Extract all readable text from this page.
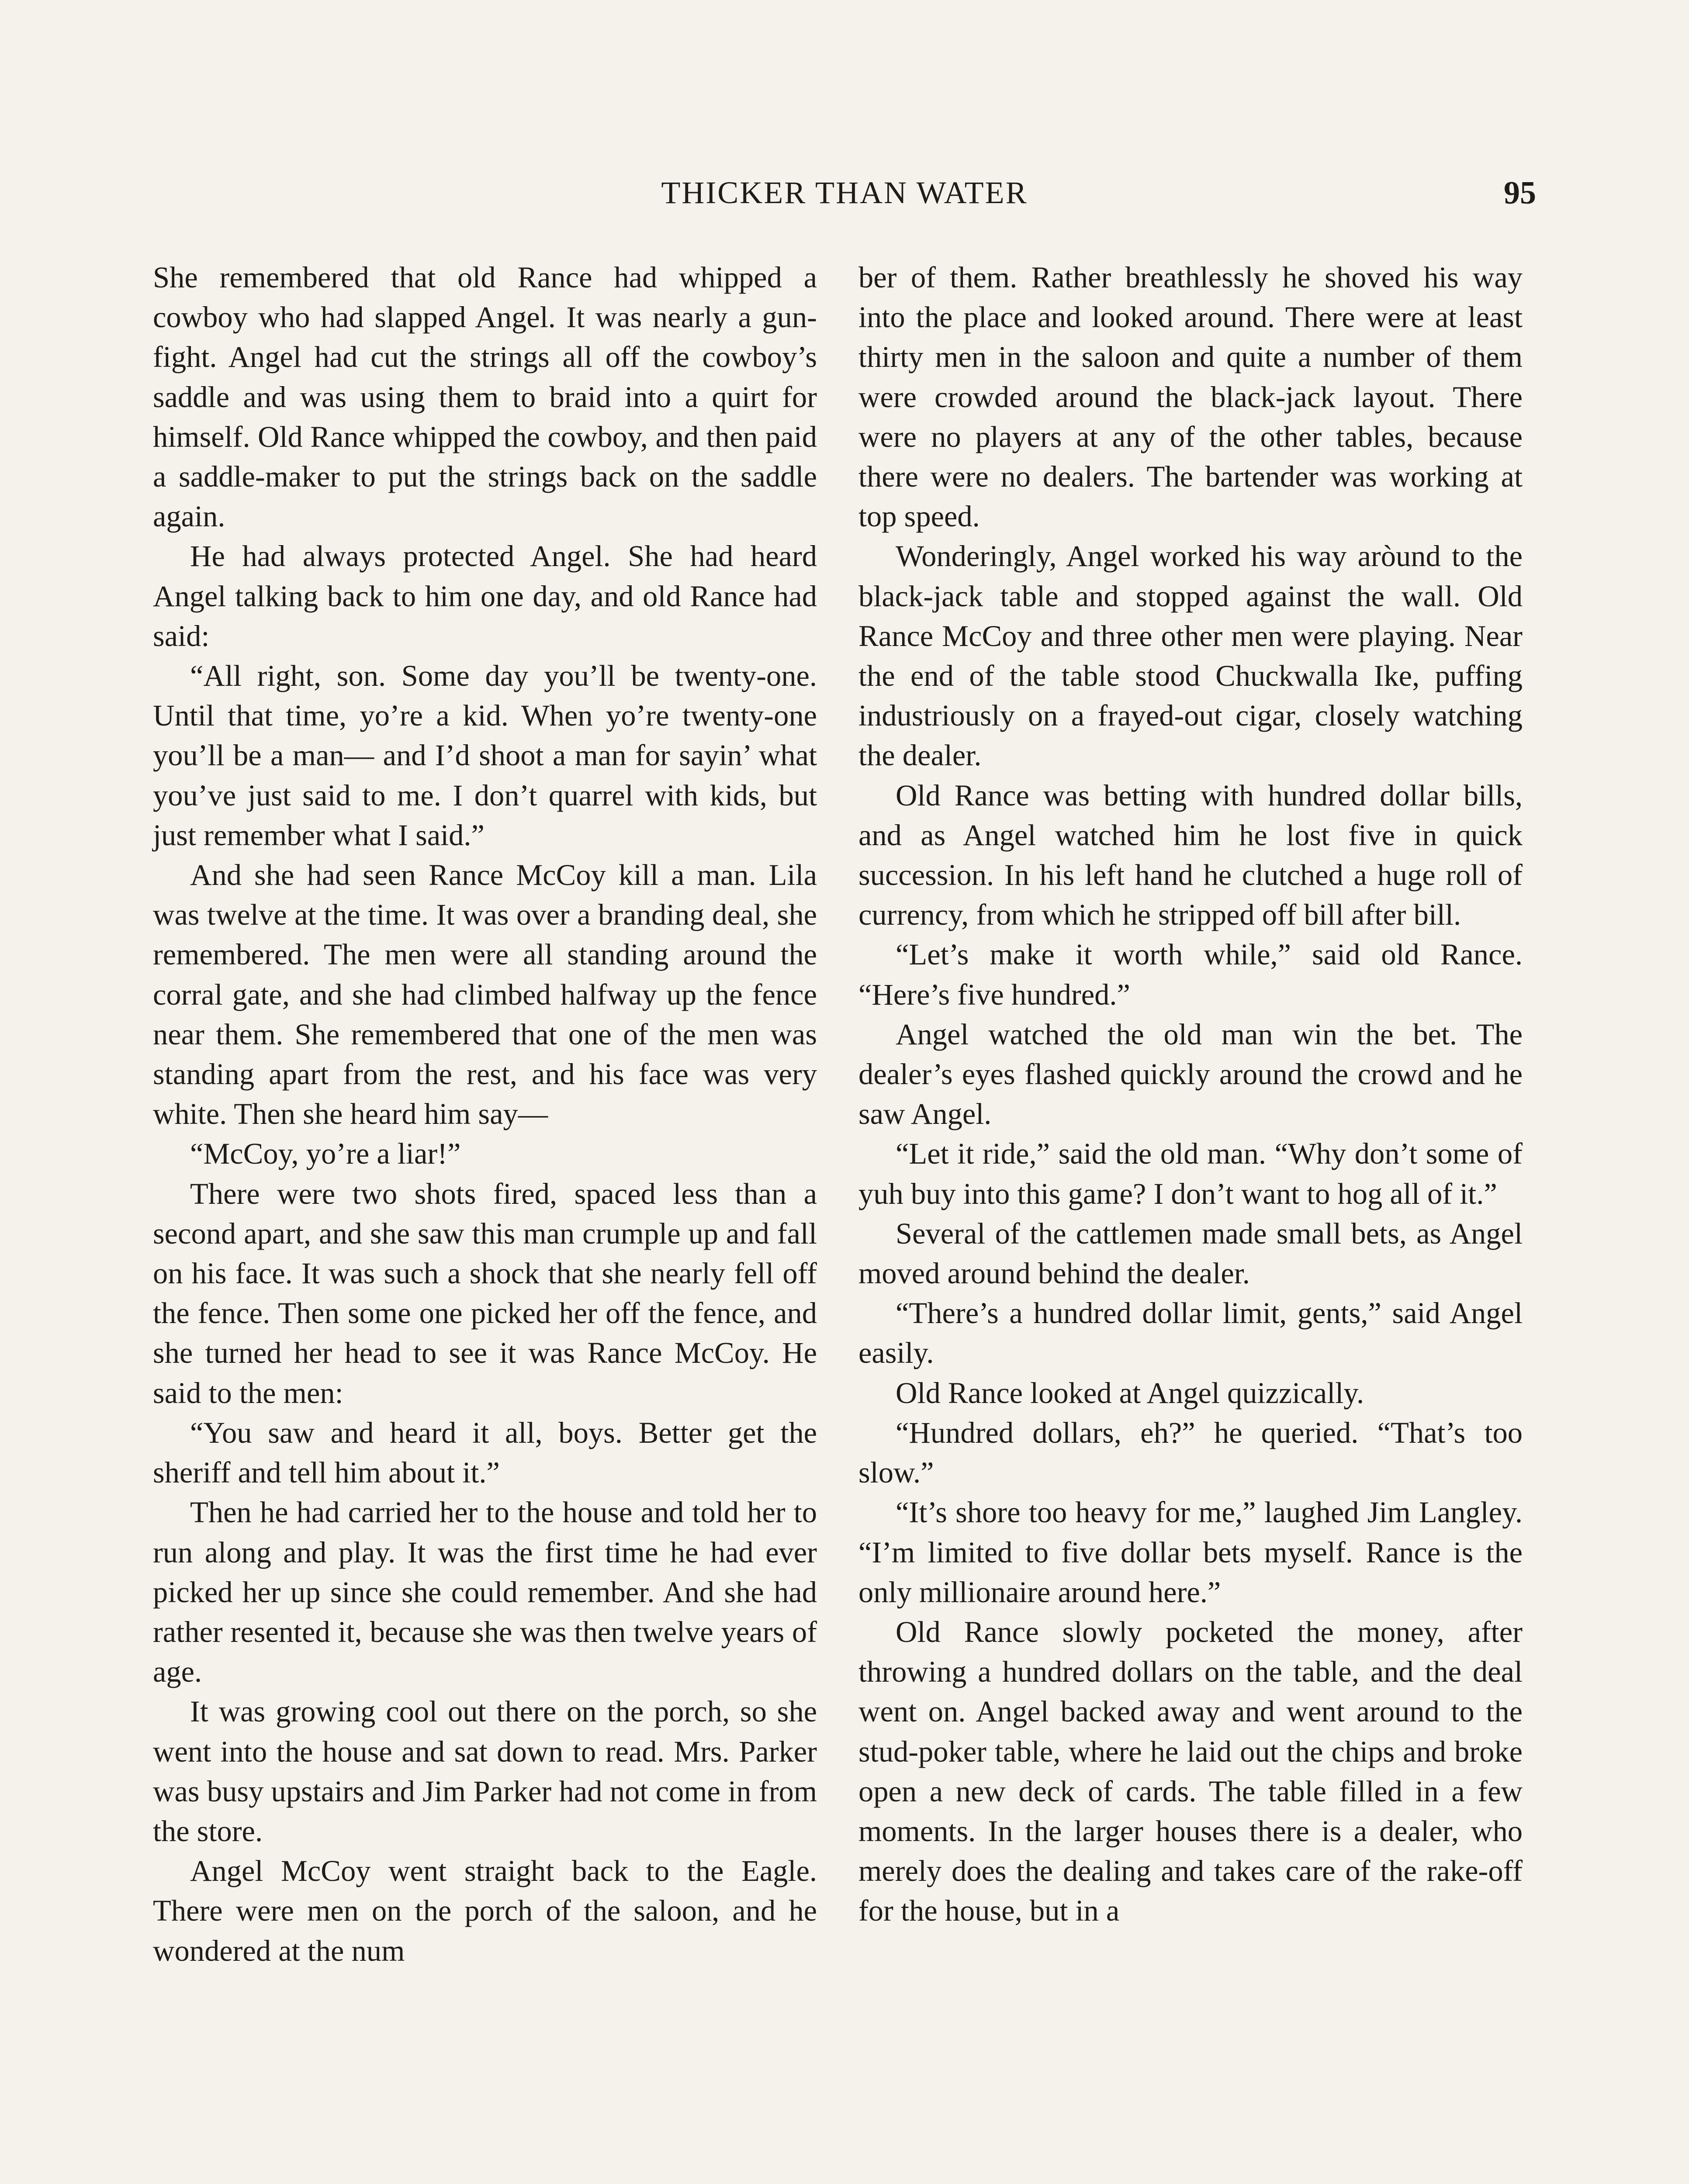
THICKER THAN WATER	95

She remembered that old Rance had whipped a cowboy who had slapped Angel. It was nearly a gun-fight. Angel had cut the strings all off the cowboy’s saddle and was using them to braid into a quirt for himself. Old Rance whipped the cowboy, and then paid a saddle-maker to put the strings back on the saddle again.

He had always protected Angel. She had heard Angel talking back to him one day, and old Rance had said:

“All right, son. Some day you’ll be twenty-one. Until that time, yo’re a kid. When yo’re twenty-one you’ll be a man— and I’d shoot a man for sayin’ what you’ve just said to me. I don’t quarrel with kids, but just remember what I said.”

And she had seen Rance McCoy kill a man. Lila was twelve at the time. It was over a branding deal, she remembered. The men were all standing around the corral gate, and she had climbed halfway up the fence near them. She remembered that one of the men was standing apart from the rest, and his face was very white. Then she heard him say—

“McCoy, yo’re a liar!”

There were two shots fired, spaced less than a second apart, and she saw this man crumple up and fall on his face. It was such a shock that she nearly fell off the fence. Then some one picked her off the fence, and she turned her head to see it was Rance McCoy. He said to the men:

“You saw and heard it all, boys. Better get the sheriff and tell him about it.”

Then he had carried her to the house and told her to run along and play. It was the first time he had ever picked her up since she could remember. And she had rather resented it, because she was then twelve years of age.

It was growing cool out there on the porch, so she went into the house and sat down to read. Mrs. Parker was busy upstairs and Jim Parker had not come in from the store.

Angel McCoy went straight back to the Eagle. There were men on the porch of the saloon, and he wondered at the num

ber of them. Rather breathlessly he shoved his way into the place and looked around. There were at least thirty men in the saloon and quite a number of them were crowded around the black-jack layout. There were no players at any of the other tables, because there were no dealers. The bartender was working at top speed.

Wonderingly, Angel worked his way aròund to the black-jack table and stopped against the wall. Old Rance McCoy and three other men were playing. Near the end of the table stood Chuckwalla Ike, puffing industriously on a frayed-out cigar, closely watching the dealer.

Old Rance was betting with hundred dollar bills, and as Angel watched him he lost five in quick succession. In his left hand he clutched a huge roll of currency, from which he stripped off bill after bill.

“Let’s make it worth while,” said old Rance. “Here’s five hundred.”

Angel watched the old man win the bet. The dealer’s eyes flashed quickly around the crowd and he saw Angel.

“Let it ride,” said the old man. “Why don’t some of yuh buy into this game? I don’t want to hog all of it.”

Several of the cattlemen made small bets, as Angel moved around behind the dealer.

“There’s a hundred dollar limit, gents,” said Angel easily.

Old Rance looked at Angel quizzically.

“Hundred dollars, eh?” he queried. “That’s too slow.”

“It’s shore too heavy for me,” laughed Jim Langley. “I’m limited to five dollar bets myself. Rance is the only millionaire around here.”

Old Rance slowly pocketed the money, after throwing a hundred dollars on the table, and the deal went on. Angel backed away and went around to the stud-poker table, where he laid out the chips and broke open a new deck of cards. The table filled in a few moments. In the larger houses there is a dealer, who merely does the dealing and takes care of the rake-off for the house, but in a
